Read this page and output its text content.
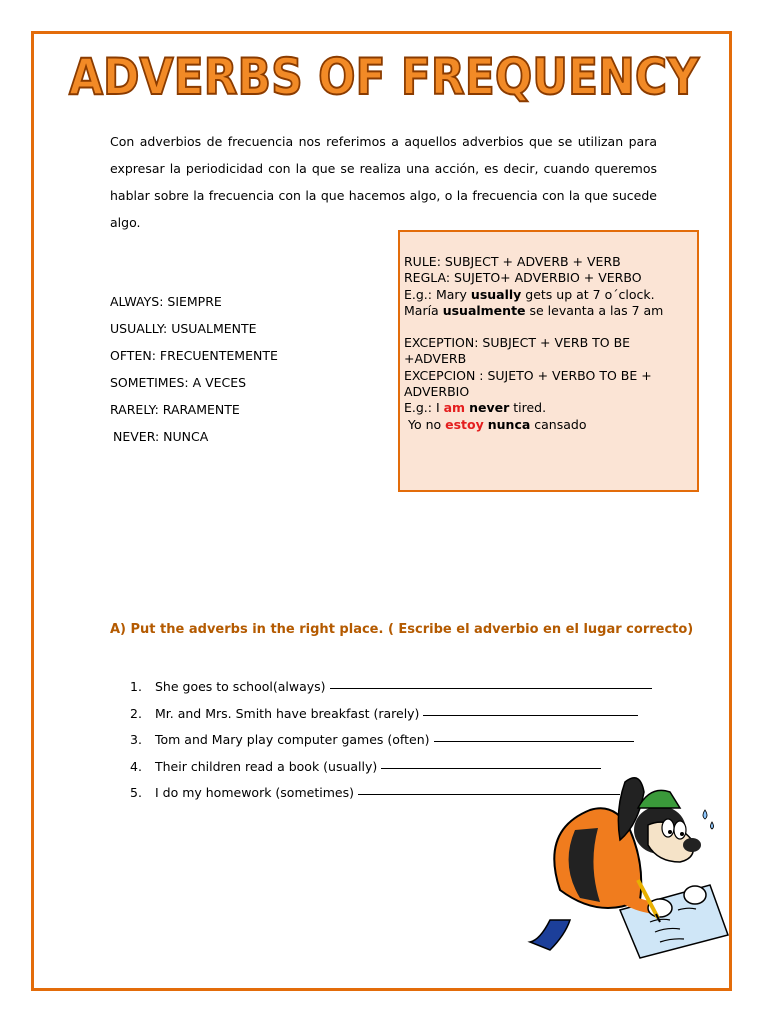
ADVERBS OF FREQUENCY
Con adverbios de frecuencia nos referimos a aquellos adverbios que se utilizan para expresar la periodicidad con la que se realiza una acción, es decir, cuando queremos hablar sobre la frecuencia con la que hacemos algo, o la frecuencia con la que sucede algo.
ALWAYS: SIEMPRE
USUALLY: USUALMENTE
OFTEN: FRECUENTEMENTE
SOMETIMES: A VECES
RARELY: RARAMENTE
NEVER: NUNCA
RULE: SUBJECT + ADVERB + VERB
REGLA: SUJETO+ ADVERBIO + VERBO
E.g.: Mary usually gets up at 7 o´clock.
María usualmente se levanta a las 7 am
EXCEPTION: SUBJECT + VERB TO BE +ADVERB
EXCEPCION : SUJETO + VERBO TO BE + ADVERBIO
E.g.: I am never tired.
Yo no estoy nunca cansado
A) Put the adverbs in the right place. ( Escribe el adverbio en el lugar correcto)
1.	She goes to school(always)
2.	Mr. and Mrs. Smith have breakfast (rarely)
3.	Tom and Mary play computer games (often)
4.	Their children read a book (usually)
5.	I do my homework (sometimes)
